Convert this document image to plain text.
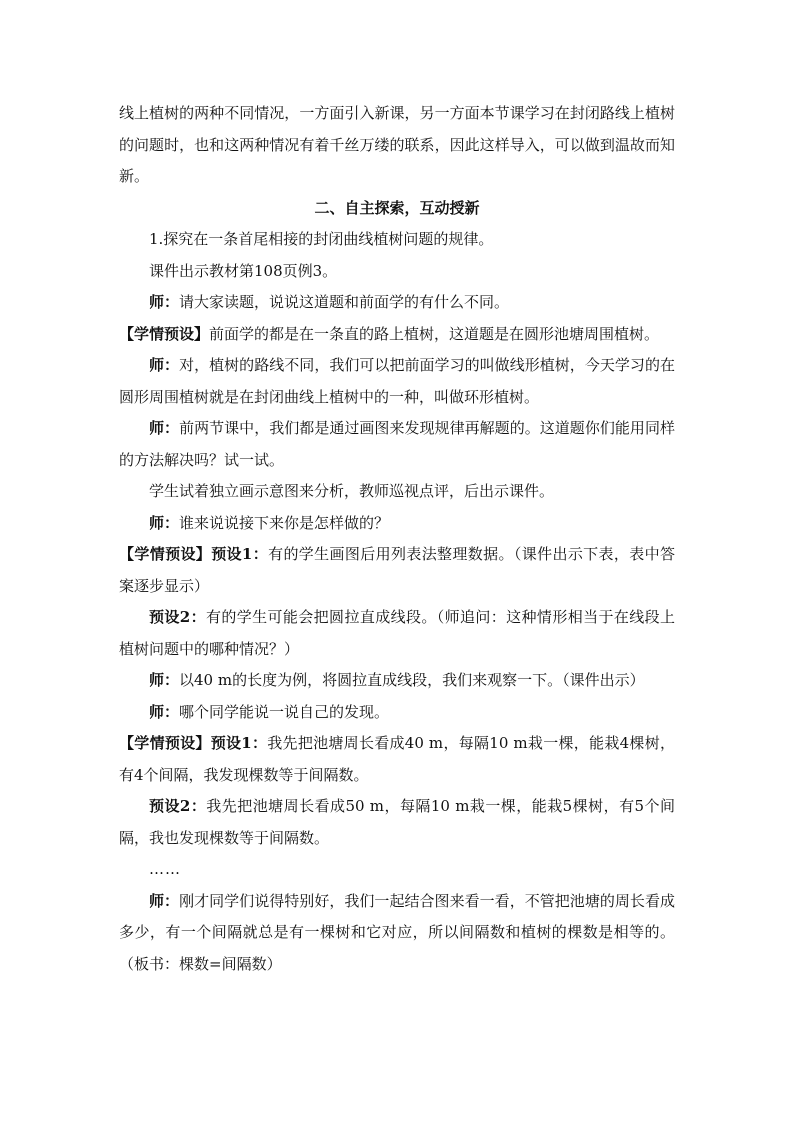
线上植树的两种不同情况，一方面引入新课，另一方面本节课学习在封闭路线上植树的问题时，也和这两种情况有着千丝万缕的联系，因此这样导入，可以做到温故而知新。

二、自主探索，互动授新

1.探究在一条首尾相接的封闭曲线植树问题的规律。

课件出示教材第108页例3。

师：请大家读题，说说这道题和前面学的有什么不同。

【学情预设】前面学的都是在一条直的路上植树，这道题是在圆形池塘周围植树。

师：对，植树的路线不同，我们可以把前面学习的叫做线形植树，今天学习的在圆形周围植树就是在封闭曲线上植树中的一种，叫做环形植树。

师：前两节课中，我们都是通过画图来发现规律再解题的。这道题你们能用同样的方法解决吗？试一试。

学生试着独立画示意图来分析，教师巡视点评，后出示课件。

师：谁来说说接下来你是怎样做的？

【学情预设】预设1：有的学生画图后用列表法整理数据。（课件出示下表，表中答案逐步显示）

预设2：有的学生可能会把圆拉直成线段。（师追问：这种情形相当于在线段上植树问题中的哪种情况？）

师：以40 m的长度为例，将圆拉直成线段，我们来观察一下。（课件出示）

师：哪个同学能说一说自己的发现。

【学情预设】预设1：我先把池塘周长看成40 m，每隔10 m栽一棵，能栽4棵树，有4个间隔，我发现棵数等于间隔数。

预设2：我先把池塘周长看成50 m，每隔10 m栽一棵，能栽5棵树，有5个间隔，我也发现棵数等于间隔数。

……

师：刚才同学们说得特别好，我们一起结合图来看一看，不管把池塘的周长看成多少，有一个间隔就总是有一棵树和它对应，所以间隔数和植树的棵数是相等的。（板书：棵数=间隔数）
